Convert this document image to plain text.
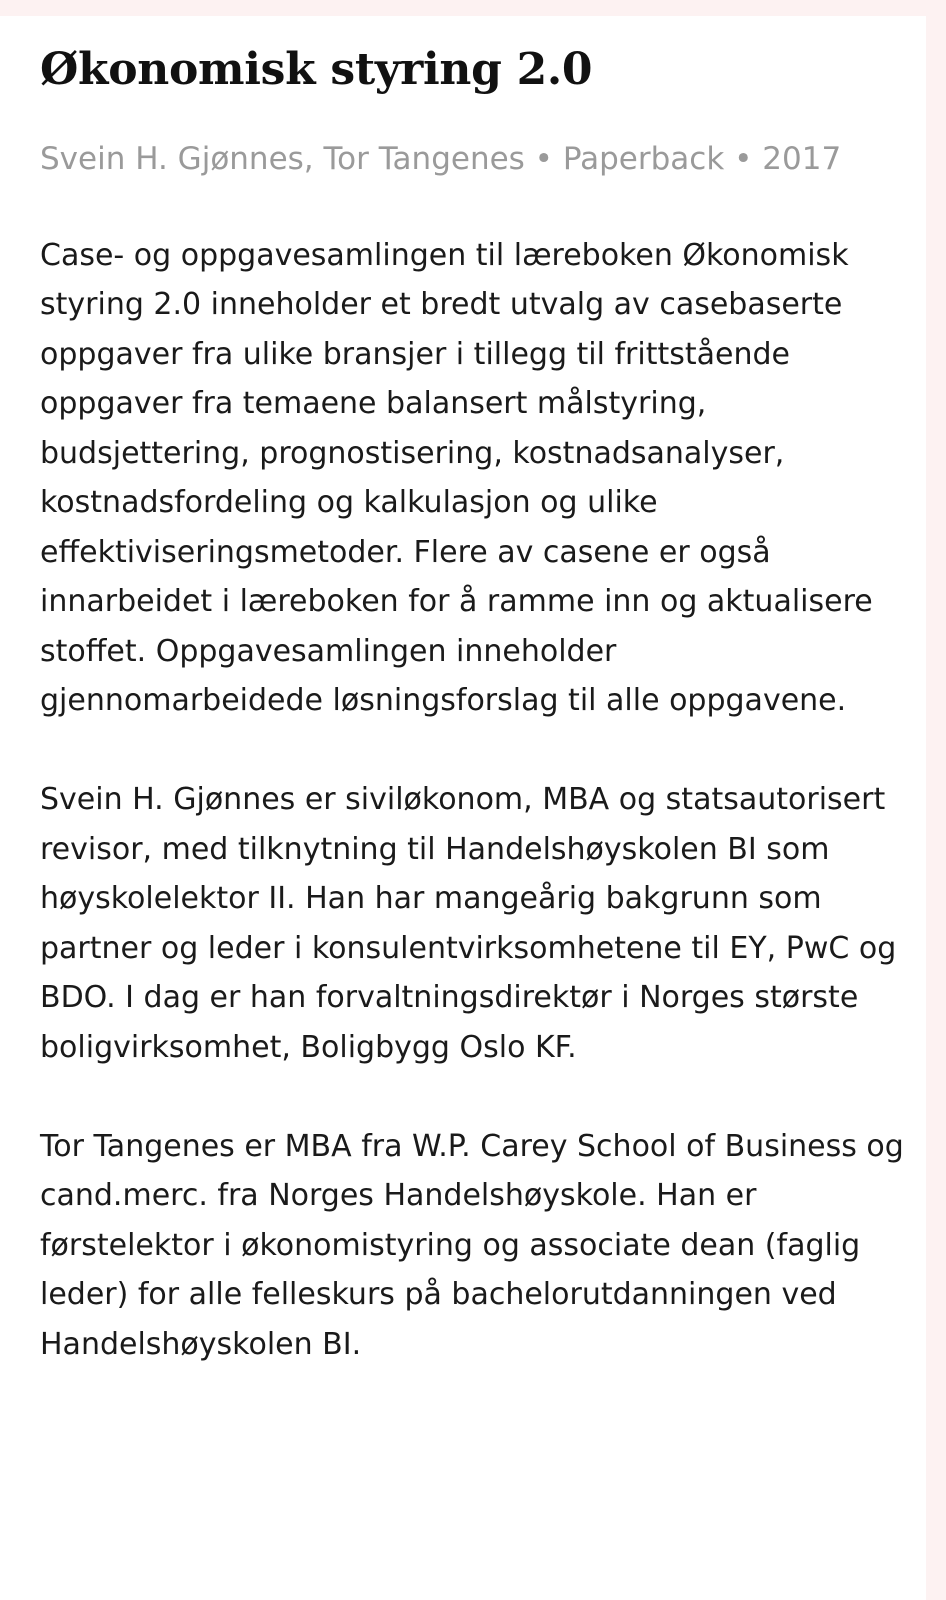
Økonomisk styring 2.0
Svein H. Gjønnes, Tor Tangenes • Paperback • 2017

Case- og oppgavesamlingen til læreboken Økonomisk styring 2.0 inneholder et bredt utvalg av casebaserte oppgaver fra ulike bransjer i tillegg til frittstående oppgaver fra temaene balansert målstyring, budsjettering, prognostisering, kostnadsanalyser, kostnadsfordeling og kalkulasjon og ulike effektiviseringsmetoder. Flere av casene er også innarbeidet i læreboken for å ramme inn og aktualisere stoffet. Oppgavesamlingen inneholder gjennomarbeidede løsningsforslag til alle oppgavene.

Svein H. Gjønnes er siviløkonom, MBA og statsautorisert revisor, med tilknytning til Handelshøyskolen BI som høyskolelektor II. Han har mangeårig bakgrunn som partner og leder i konsulentvirksomhetene til EY, PwC og BDO. I dag er han forvaltningsdirektør i Norges største boligvirksomhet, Boligbygg Oslo KF.

Tor Tangenes er MBA fra W.P. Carey School of Business og cand.merc. fra Norges Handelshøyskole. Han er førstelektor i økonomistyring og associate dean (faglig leder) for alle felleskurs på bachelorutdanningen ved Handelshøyskolen BI.
